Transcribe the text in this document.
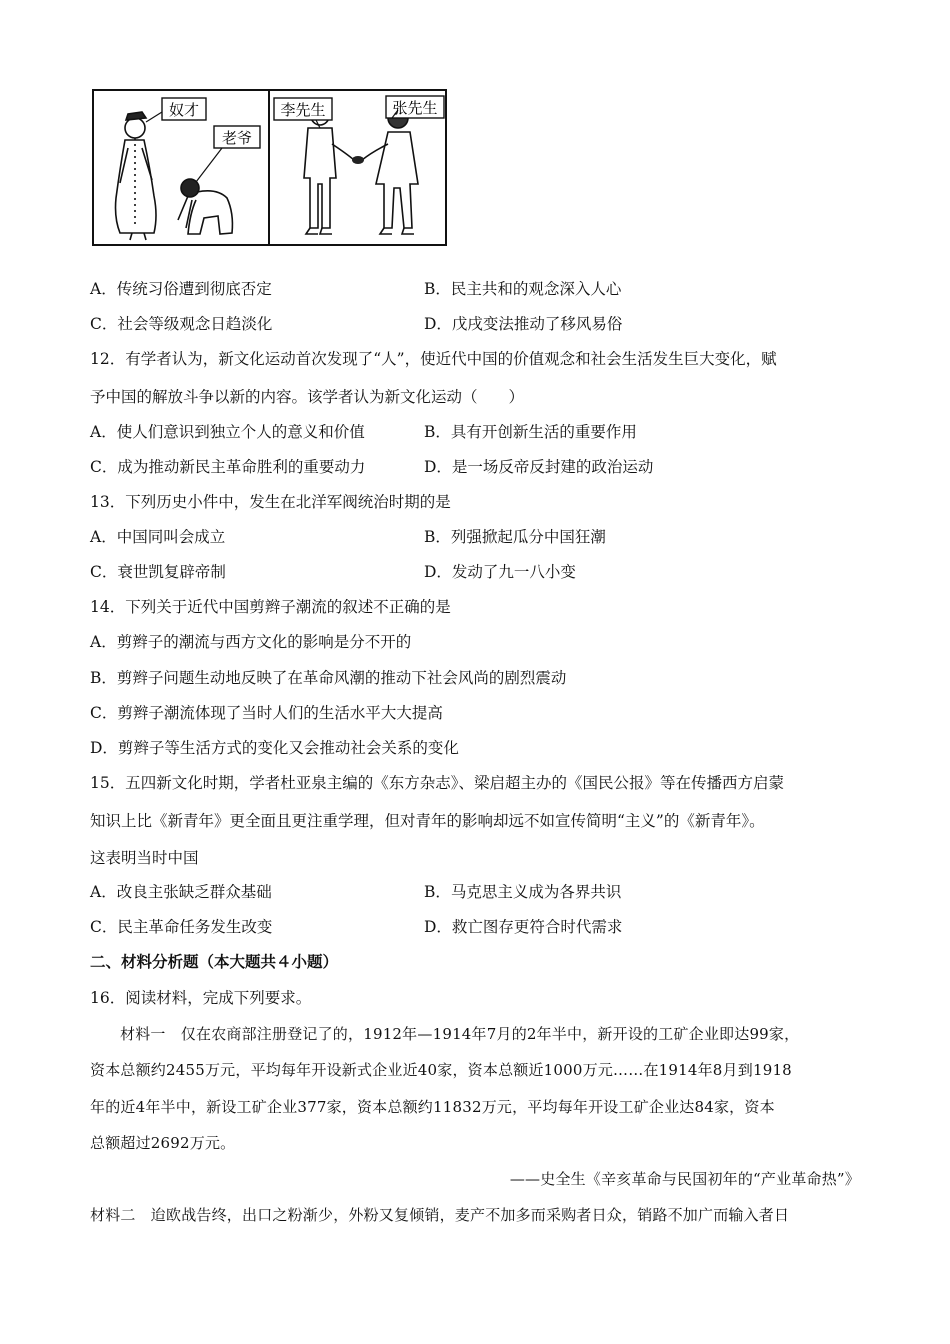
奴才
老爷
李先生	张先生
A．传统习俗遭到彻底否定	B．民主共和的观念深入人心
C．社会等级观念日趋淡化	D．戊戌变法推动了移风易俗
12．有学者认为，新文化运动首次发现了“人”，使近代中国的价值观念和社会生活发生巨大变化，赋
予中国的解放斗争以新的内容。该学者认为新文化运动（　　）
A．使人们意识到独立个人的意义和价值	B．具有开创新生活的重要作用
C．成为推动新民主革命胜利的重要动力	D．是一场反帝反封建的政治运动
13．下列历史小件中，发生在北洋军阀统治时期的是
A．中国同叫会成立	B．列强掀起瓜分中国狂潮
C．衰世凯复辟帝制	D．发动了九一八小变
14．下列关于近代中国剪辫子潮流的叙述不正确的是
A．剪辫子的潮流与西方文化的影响是分不开的
B．剪辫子问题生动地反映了在革命风潮的推动下社会风尚的剧烈震动
C．剪辫子潮流体现了当时人们的生活水平大大提高
D．剪辫子等生活方式的变化又会推动社会关系的变化
15．五四新文化时期，学者杜亚泉主编的《东方杂志》、梁启超主办的《国民公报》等在传播西方启蒙
知识上比《新青年》更全面且更注重学理，但对青年的影响却远不如宣传简明“主义”的《新青年》。
这表明当时中国
A．改良主张缺乏群众基础	B．马克思主义成为各界共识
C．民主革命任务发生改变	D．救亡图存更符合时代需求
二、材料分析题（本大题共４小题）
16．阅读材料，完成下列要求。
材料一　仅在农商部注册登记了的，1912年—1914年7月的2年半中，新开设的工矿企业即达99家，
资本总额约2455万元，平均每年开设新式企业近40家，资本总额近1000万元……在1914年8月到1918
年的近4年半中，新设工矿企业377家，资本总额约11832万元，平均每年开设工矿企业达84家，资本
总额超过2692万元。
——史全生《辛亥革命与民国初年的“产业革命热”》
材料二　迨欧战告终，出口之粉渐少，外粉又复倾销，麦产不加多而采购者日众，销路不加广而输入者日
